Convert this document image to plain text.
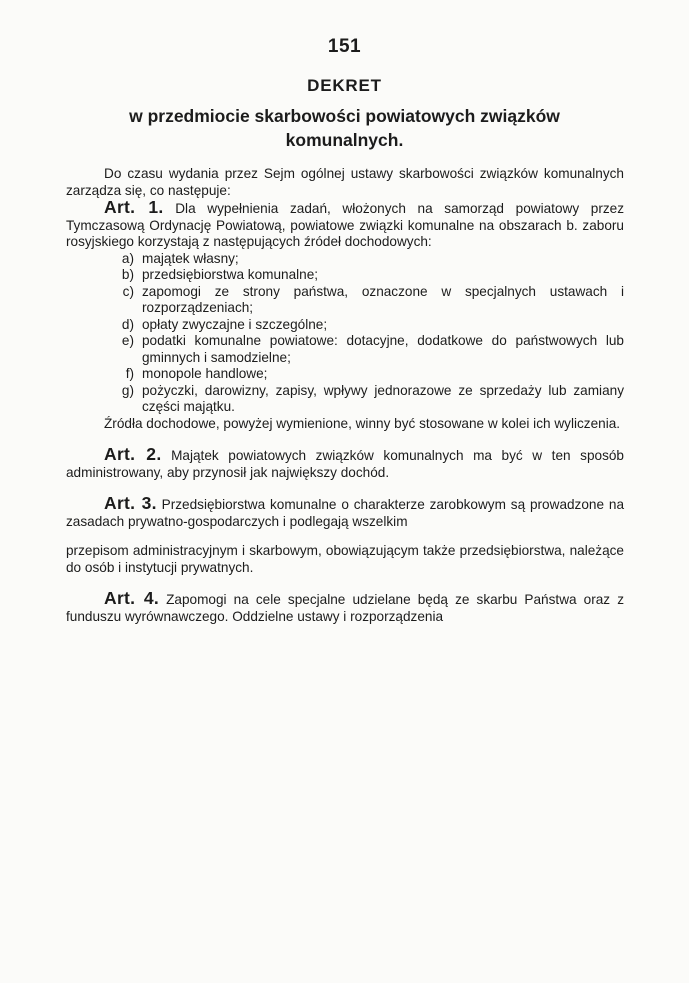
151
DEKRET
w przedmiocie skarbowości powiatowych związków
komunalnych.

Do czasu wydania przez Sejm ogólnej ustawy skarbowości związków komunalnych zarządza się, co następuje:

Art. 1. Dla wypełnienia zadań, włożonych na samorząd powiatowy przez Tymczasową Ordynację Powiatową, powiatowe związki komunalne na obszarach b. zaboru rosyjskiego korzystają z następujących źródeł dochodowych:

a) majątek własny;
b) przedsiębiorstwa komunalne;
c) zapomogi ze strony państwa, oznaczone w specjalnych ustawach i rozporządzeniach;
d) opłaty zwyczajne i szczególne;
e) podatki komunalne powiatowe: dotacyjne, dodatkowe do państwowych lub gminnych i samodzielne;
f) monopole handlowe;
g) pożyczki, darowizny, zapisy, wpływy jednorazowe ze sprzedaży lub zamiany części majątku.

Źródła dochodowe, powyżej wymienione, winny być stosowane w kolei ich wyliczenia.

Art. 2. Majątek powiatowych związków komunalnych ma być w ten sposób administrowany, aby przynosił jak największy dochód.

Art. 3. Przedsiębiorstwa komunalne o charakterze zarobkowym są prowadzone na zasadach prywatno-gospodarczych i podlegają wszelkim

przepisom administracyjnym i skarbowym, obowiązującym także przedsiębiorstwa, należące do osób i instytucji prywatnych.

Art. 4. Zapomogi na cele specjalne udzielane będą ze skarbu Państwa oraz z funduszu wyrównawczego. Oddzielne ustawy i rozporządzenia
